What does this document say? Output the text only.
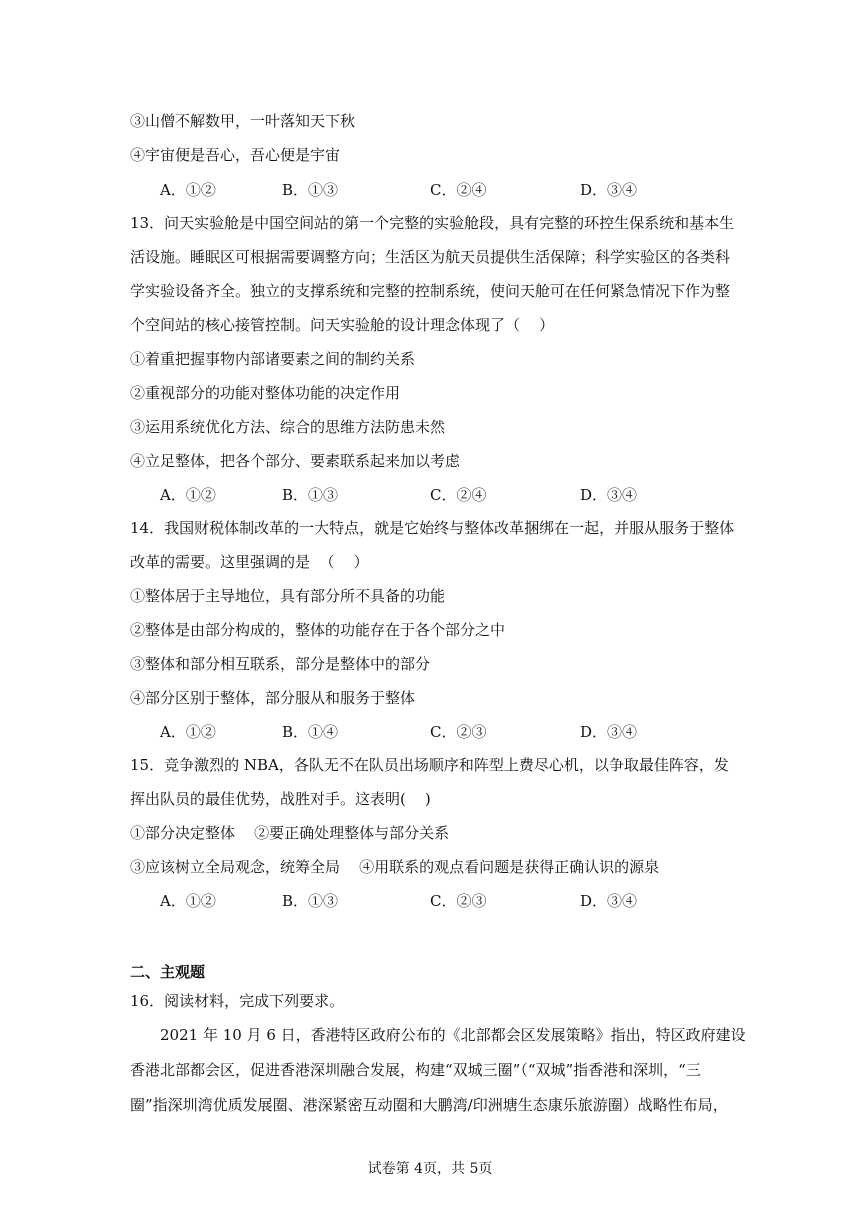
③山僧不解数甲，一叶落知天下秋
④宇宙便是吾心，吾心便是宇宙
A．①②	B．①③	C．②④	D．③④
13．问天实验舱是中国空间站的第一个完整的实验舱段，具有完整的环控生保系统和基本生
活设施。睡眠区可根据需要调整方向；生活区为航天员提供生活保障；科学实验区的各类科
学实验设备齐全。独立的支撑系统和完整的控制系统，使问天舱可在任何紧急情况下作为整
个空间站的核心接管控制。问天实验舱的设计理念体现了（    ）
①着重把握事物内部诸要素之间的制约关系
②重视部分的功能对整体功能的决定作用
③运用系统优化方法、综合的思维方法防患未然
④立足整体，把各个部分、要素联系起来加以考虑
A．①②	B．①③	C．②④	D．③④
14．我国财税体制改革的一大特点，就是它始终与整体改革捆绑在一起，并服从服务于整体
改革的需要。这里强调的是  （    ）
①整体居于主导地位，具有部分所不具备的功能
②整体是由部分构成的，整体的功能存在于各个部分之中
③整体和部分相互联系，部分是整体中的部分
④部分区别于整体，部分服从和服务于整体
A．①②	B．①④	C．②③	D．③④
15．竞争激烈的 NBA，各队无不在队员出场顺序和阵型上费尽心机，以争取最佳阵容，发
挥出队员的最佳优势，战胜对手。这表明(    )
①部分决定整体    ②要正确处理整体与部分关系
③应该树立全局观念，统筹全局    ④用联系的观点看问题是获得正确认识的源泉
A．①②	B．①③	C．②③	D．③④
二、主观题
16．阅读材料，完成下列要求。
2021 年 10 月 6 日，香港特区政府公布的《北部都会区发展策略》指出，特区政府建设
香港北部都会区，促进香港深圳融合发展，构建“双城三圈”（“双城”指香港和深圳，“三
圈”指深圳湾优质发展圈、港深紧密互动圈和大鹏湾/印洲塘生态康乐旅游圈）战略性布局，
试卷第 4页，共 5页
